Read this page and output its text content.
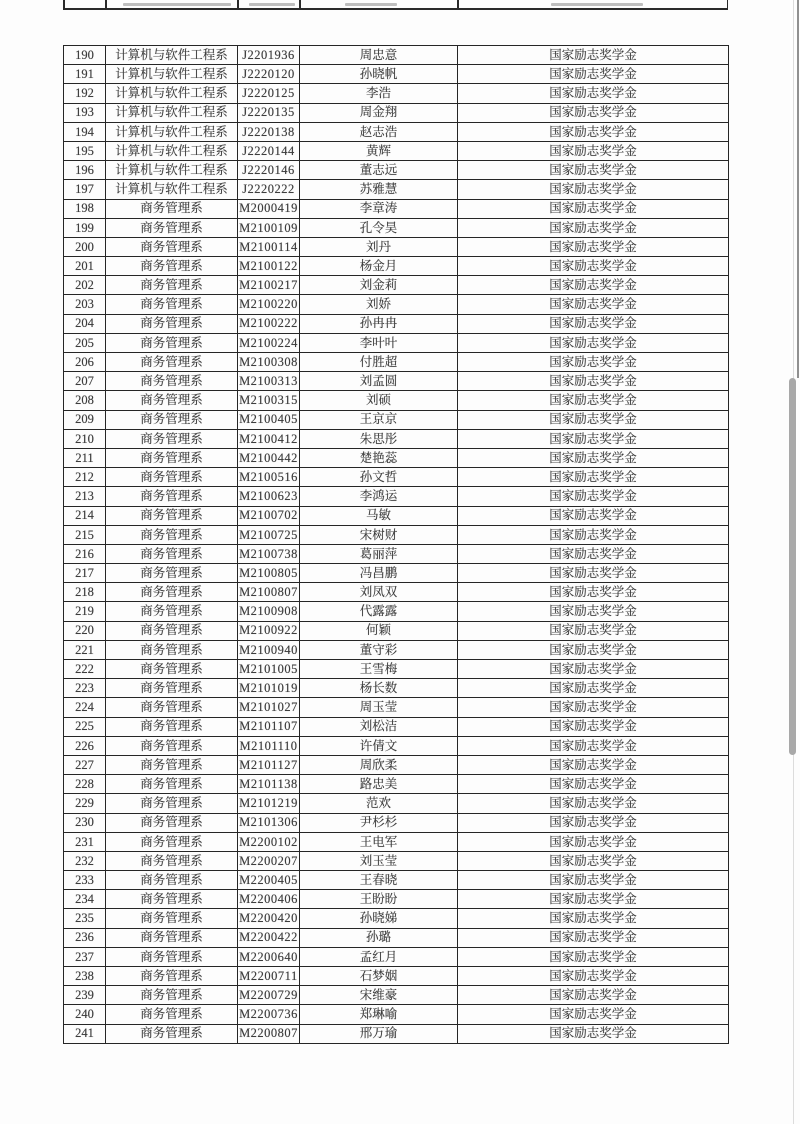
190	计算机与软件工程系	J2201936	周忠意	国家励志奖学金
191	计算机与软件工程系	J2220120	孙晓帆	国家励志奖学金
192	计算机与软件工程系	J2220125	李浩	国家励志奖学金
193	计算机与软件工程系	J2220135	周金翔	国家励志奖学金
194	计算机与软件工程系	J2220138	赵志浩	国家励志奖学金
195	计算机与软件工程系	J2220144	黄辉	国家励志奖学金
196	计算机与软件工程系	J2220146	董志远	国家励志奖学金
197	计算机与软件工程系	J2220222	苏雅慧	国家励志奖学金
198	商务管理系	M2000419	李章涛	国家励志奖学金
199	商务管理系	M2100109	孔令昊	国家励志奖学金
200	商务管理系	M2100114	刘丹	国家励志奖学金
201	商务管理系	M2100122	杨金月	国家励志奖学金
202	商务管理系	M2100217	刘金莉	国家励志奖学金
203	商务管理系	M2100220	刘娇	国家励志奖学金
204	商务管理系	M2100222	孙冉冉	国家励志奖学金
205	商务管理系	M2100224	李叶叶	国家励志奖学金
206	商务管理系	M2100308	付胜超	国家励志奖学金
207	商务管理系	M2100313	刘孟圆	国家励志奖学金
208	商务管理系	M2100315	刘硕	国家励志奖学金
209	商务管理系	M2100405	王京京	国家励志奖学金
210	商务管理系	M2100412	朱思彤	国家励志奖学金
211	商务管理系	M2100442	楚艳蕊	国家励志奖学金
212	商务管理系	M2100516	孙文哲	国家励志奖学金
213	商务管理系	M2100623	李鸿运	国家励志奖学金
214	商务管理系	M2100702	马敏	国家励志奖学金
215	商务管理系	M2100725	宋树财	国家励志奖学金
216	商务管理系	M2100738	葛丽萍	国家励志奖学金
217	商务管理系	M2100805	冯昌鹏	国家励志奖学金
218	商务管理系	M2100807	刘凤双	国家励志奖学金
219	商务管理系	M2100908	代露露	国家励志奖学金
220	商务管理系	M2100922	何颖	国家励志奖学金
221	商务管理系	M2100940	董守彩	国家励志奖学金
222	商务管理系	M2101005	王雪梅	国家励志奖学金
223	商务管理系	M2101019	杨长数	国家励志奖学金
224	商务管理系	M2101027	周玉莹	国家励志奖学金
225	商务管理系	M2101107	刘松洁	国家励志奖学金
226	商务管理系	M2101110	许倩文	国家励志奖学金
227	商务管理系	M2101127	周欣柔	国家励志奖学金
228	商务管理系	M2101138	路忠美	国家励志奖学金
229	商务管理系	M2101219	范欢	国家励志奖学金
230	商务管理系	M2101306	尹杉杉	国家励志奖学金
231	商务管理系	M2200102	王电军	国家励志奖学金
232	商务管理系	M2200207	刘玉莹	国家励志奖学金
233	商务管理系	M2200405	王春晓	国家励志奖学金
234	商务管理系	M2200406	王盼盼	国家励志奖学金
235	商务管理系	M2200420	孙晓娣	国家励志奖学金
236	商务管理系	M2200422	孙璐	国家励志奖学金
237	商务管理系	M2200640	孟红月	国家励志奖学金
238	商务管理系	M2200711	石梦姻	国家励志奖学金
239	商务管理系	M2200729	宋维豪	国家励志奖学金
240	商务管理系	M2200736	郑琳喻	国家励志奖学金
241	商务管理系	M2200807	邢万瑜	国家励志奖学金
